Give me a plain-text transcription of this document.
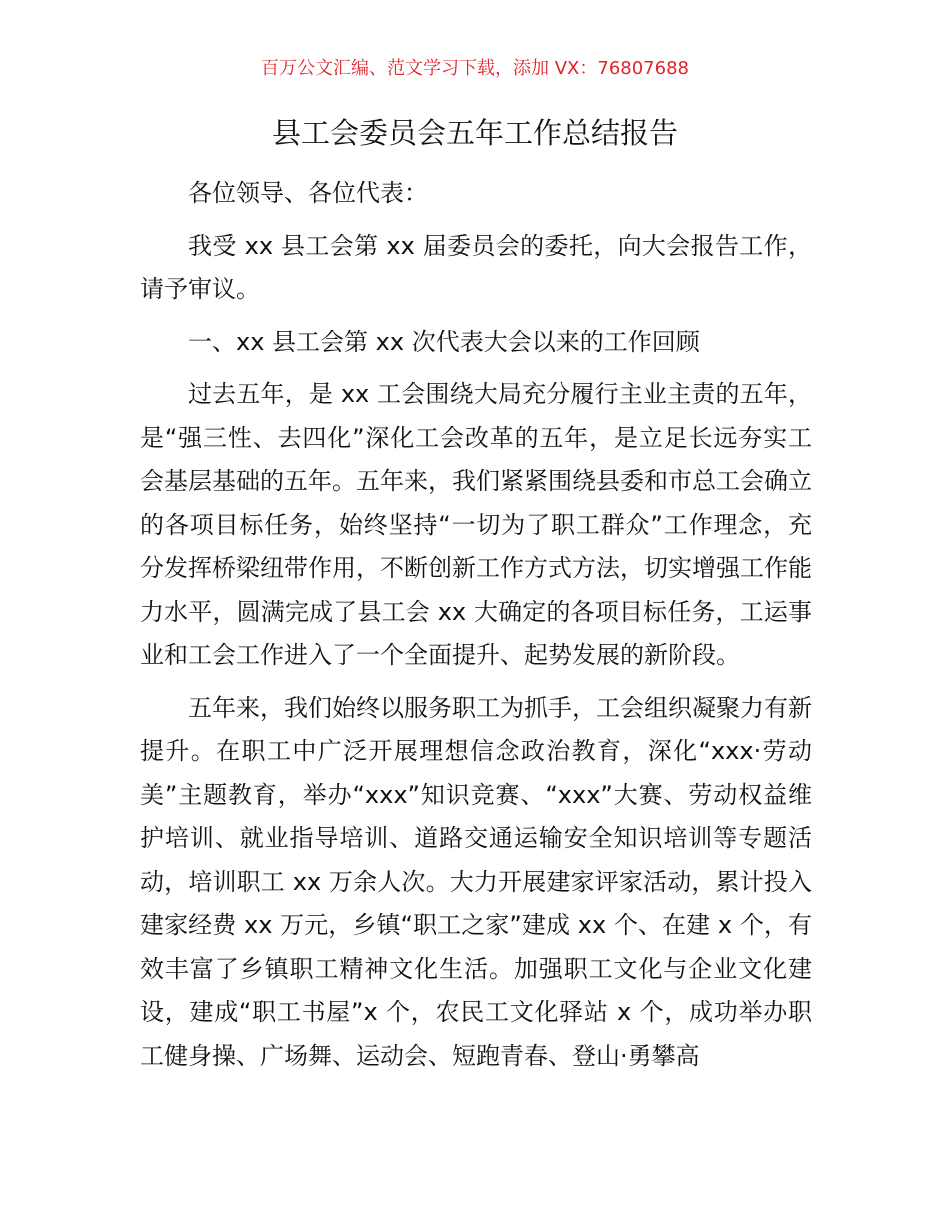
百万公文汇编、范文学习下载，添加 VX：76807688
县工会委员会五年工作总结报告

各位领导、各位代表：

我受 xx 县工会第 xx 届委员会的委托，向大会报告工作，请予审议。

一、xx 县工会第 xx 次代表大会以来的工作回顾

过去五年，是 xx 工会围绕大局充分履行主业主责的五年，是“强三性、去四化”深化工会改革的五年，是立足长远夯实工会基层基础的五年。五年来，我们紧紧围绕县委和市总工会确立的各项目标任务，始终坚持“一切为了职工群众”工作理念，充分发挥桥梁纽带作用，不断创新工作方式方法，切实增强工作能力水平，圆满完成了县工会 xx 大确定的各项目标任务，工运事业和工会工作进入了一个全面提升、起势发展的新阶段。

五年来，我们始终以服务职工为抓手，工会组织凝聚力有新提升。在职工中广泛开展理想信念政治教育，深化“xxx·劳动美”主题教育，举办“xxx”知识竞赛、“xxx”大赛、劳动权益维护培训、就业指导培训、道路交通运输安全知识培训等专题活动，培训职工 xx 万余人次。大力开展建家评家活动，累计投入建家经费 xx 万元，乡镇“职工之家”建成 xx 个、在建 x 个，有效丰富了乡镇职工精神文化生活。加强职工文化与企业文化建设，建成“职工书屋”x 个，农民工文化驿站 x 个，成功举办职工健身操、广场舞、运动会、短跑青春、登山·勇攀高
